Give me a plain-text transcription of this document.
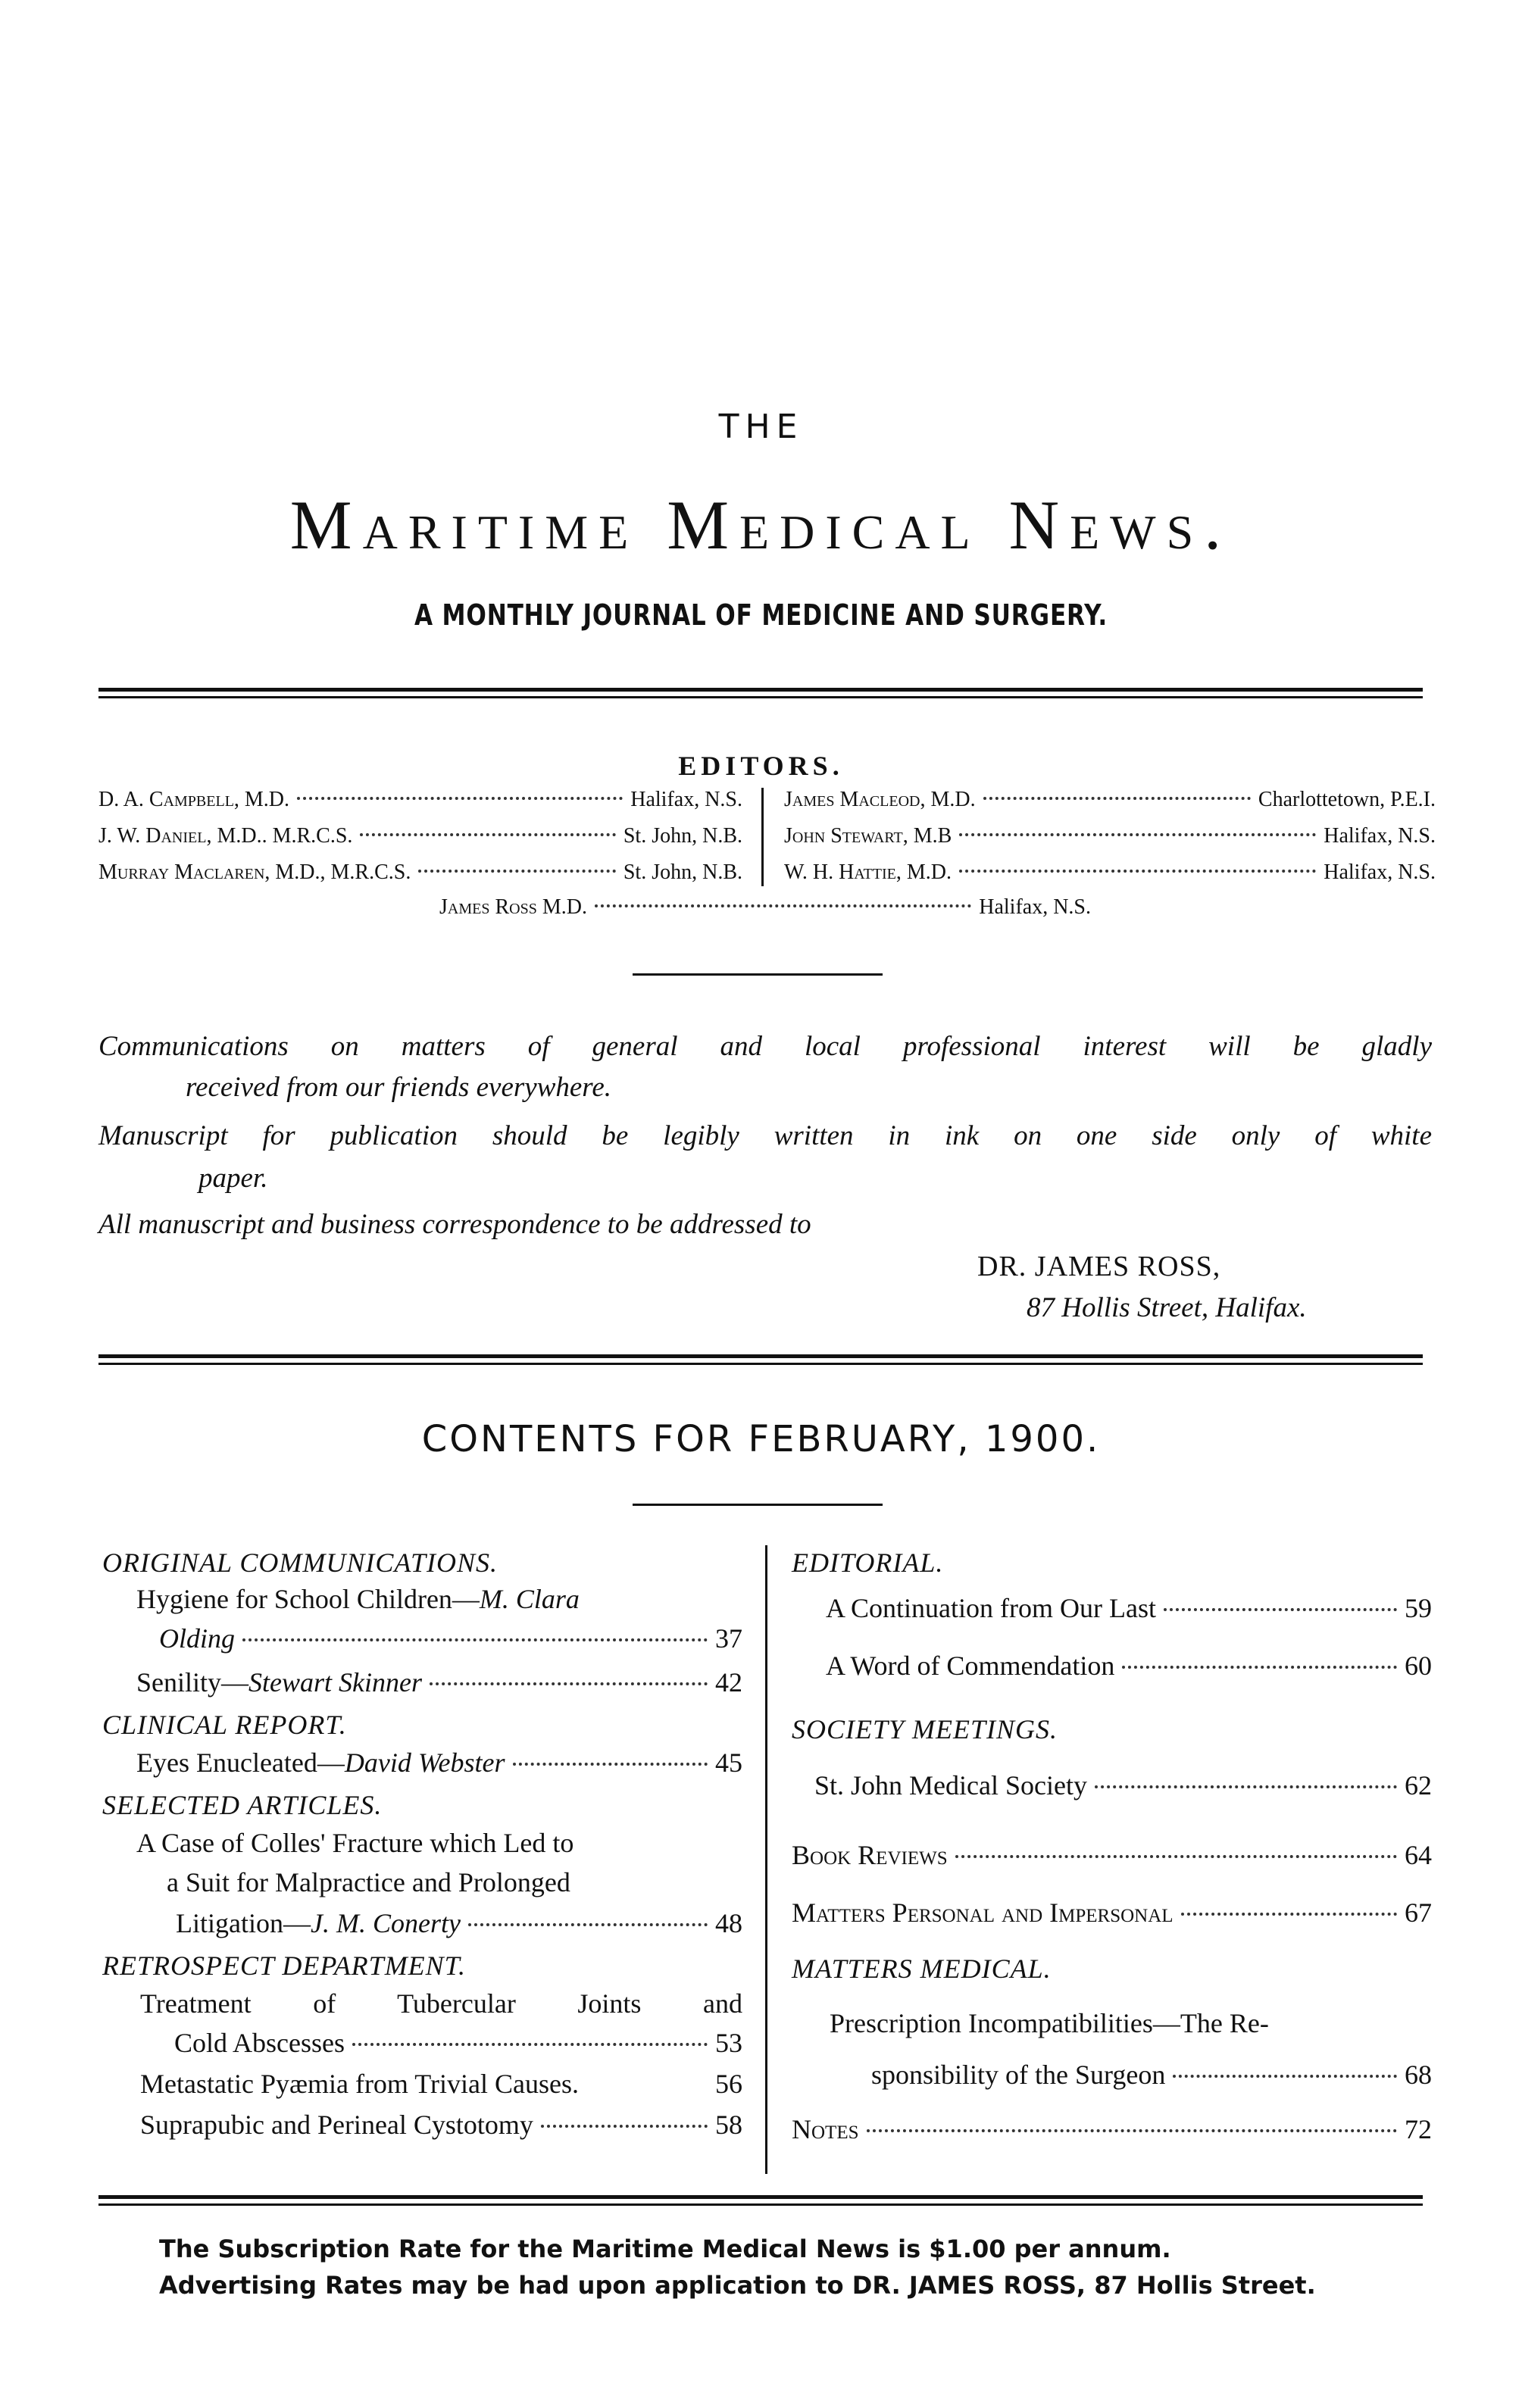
THE
Maritime Medical News.
A MONTHLY JOURNAL OF MEDICINE AND SURGERY.
EDITORS.
D. A. Campbell, M.D.	Halifax, N.S.
J. W. Daniel, M.D.. M.R.C.S.	St. John, N.B.
Murray Maclaren, M.D., M.R.C.S.	St. John, N.B.
James Macleod, M.D.	Charlottetown, P.E.I.
John Stewart, M.B	Halifax, N.S.
W. H. Hattie, M.D.	Halifax, N.S.
James Ross M.D.	Halifax, N.S.
Communications on matters of general and local professional interest will be gladly
received from our friends everywhere.
Manuscript for publication should be legibly written in ink on one side only of white
paper.
All manuscript and business correspondence to be addressed to
DR. JAMES ROSS,
87 Hollis Street, Halifax.
CONTENTS FOR FEBRUARY, 1900.
ORIGINAL COMMUNICATIONS.
Hygiene for School Children—M. Clara
Olding	37
Senility— Stewart Skinner	42
CLINICAL REPORT.
Eyes Enucleated— David Webster	45
SELECTED ARTICLES.
A Case of Colles' Fracture which Led to
a Suit for Malpractice and Prolonged
Litigation— J. M. Conerty	48
RETROSPECT DEPARTMENT.
Treatment of Tubercular Joints and
Cold Abscesses	53
Metastatic Pyæmia from Trivial Causes.	56
Suprapubic and Perineal Cystotomy	58
EDITORIAL.
A Continuation from Our Last	59
A Word of Commendation	60
SOCIETY MEETINGS.
St. John Medical Society	62
Book Reviews	64
Matters Personal and Impersonal	67
MATTERS MEDICAL.
Prescription Incompatibilities—The Re-
sponsibility of the Surgeon	68
Notes	72
The Subscription Rate for the Maritime Medical News is $1.00 per annum.
Advertising Rates may be had upon application to DR. JAMES ROSS, 87 Hollis Street.
